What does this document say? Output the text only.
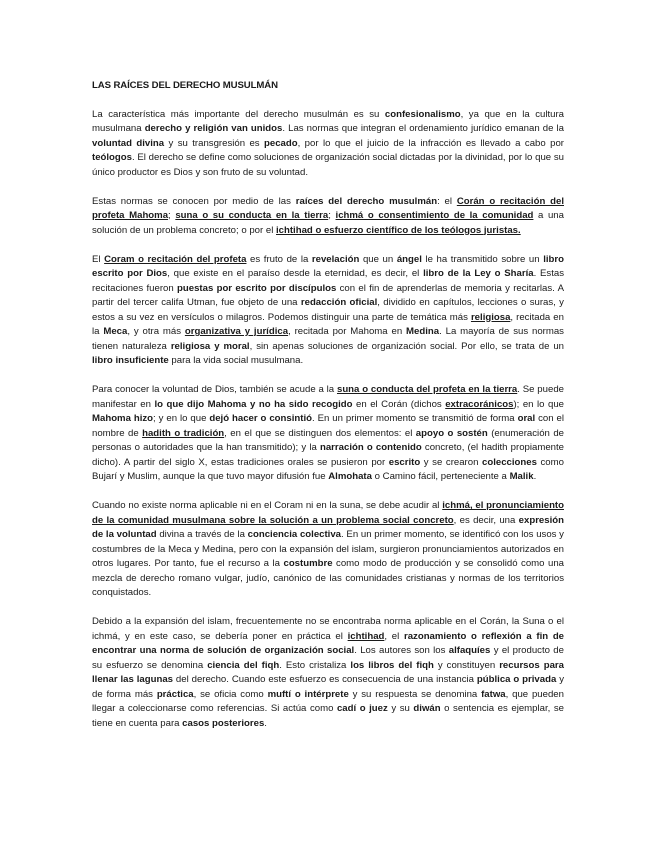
LAS RAÍCES DEL DERECHO MUSULMÁN

La característica más importante del derecho musulmán es su confesionalismo, ya que en la cultura musulmana derecho y religión van unidos. Las normas que integran el ordenamiento jurídico emanan de la voluntad divina y su transgresión es pecado, por lo que el juicio de la infracción es llevado a cabo por teólogos. El derecho se define como soluciones de organización social dictadas por la divinidad, por lo que su único productor es Dios y son fruto de su voluntad.

Estas normas se conocen por medio de las raíces del derecho musulmán: el Corán o recitación del profeta Mahoma; suna o su conducta en la tierra; ichmá o consentimiento de la comunidad a una solución de un problema concreto; o por el ichtihad o esfuerzo científico de los teólogos juristas.

El Coram o recitación del profeta es fruto de la revelación que un ángel le ha transmitido sobre un libro escrito por Dios, que existe en el paraíso desde la eternidad, es decir, el libro de la Ley o Sharía. Estas recitaciones fueron puestas por escrito por discípulos con el fin de aprenderlas de memoria y recitarlas. A partir del tercer califa Utman, fue objeto de una redacción oficial, dividido en capítulos, lecciones o suras, y estos a su vez en versículos o milagros. Podemos distinguir una parte de temática más religiosa, recitada en la Meca, y otra más organizativa y jurídica, recitada por Mahoma en Medina. La mayoría de sus normas tienen naturaleza religiosa y moral, sin apenas soluciones de organización social. Por ello, se trata de un libro insuficiente para la vida social musulmana.

Para conocer la voluntad de Dios, también se acude a la suna o conducta del profeta en la tierra. Se puede manifestar en lo que dijo Mahoma y no ha sido recogido en el Corán (dichos extracoránicos); en lo que Mahoma hizo; y en lo que dejó hacer o consintió. En un primer momento se transmitió de forma oral con el nombre de hadith o tradición, en el que se distinguen dos elementos: el apoyo o sostén (enumeración de personas o autoridades que la han transmitido); y la narración o contenido concreto, (el hadith propiamente dicho). A partir del siglo X, estas tradiciones orales se pusieron por escrito y se crearon colecciones como Bujarí y Muslim, aunque la que tuvo mayor difusión fue Almohata o Camino fácil, perteneciente a Malik.

Cuando no existe norma aplicable ni en el Coram ni en la suna, se debe acudir al ichmá, el pronunciamiento de la comunidad musulmana sobre la solución a un problema social concreto, es decir, una expresión de la voluntad divina a través de la conciencia colectiva. En un primer momento, se identificó con los usos y costumbres de la Meca y Medina, pero con la expansión del islam, surgieron pronunciamientos autorizados en otros lugares. Por tanto, fue el recurso a la costumbre como modo de producción y se consolidó como una mezcla de derecho romano vulgar, judío, canónico de las comunidades cristianas y normas de los territorios conquistados.

Debido a la expansión del islam, frecuentemente no se encontraba norma aplicable en el Corán, la Suna o el ichmá, y en este caso, se debería poner en práctica el ichtihad, el razonamiento o reflexión a fin de encontrar una norma de solución de organización social. Los autores son los alfaquíes y el producto de su esfuerzo se denomina ciencia del fiqh. Esto cristaliza los libros del fiqh y constituyen recursos para llenar las lagunas del derecho. Cuando este esfuerzo es consecuencia de una instancia pública o privada y de forma más práctica, se oficia como muftí o intérprete y su respuesta se denomina fatwa, que pueden llegar a coleccionarse como referencias. Si actúa como cadí o juez y su diwán o sentencia es ejemplar, se tiene en cuenta para casos posteriores.
